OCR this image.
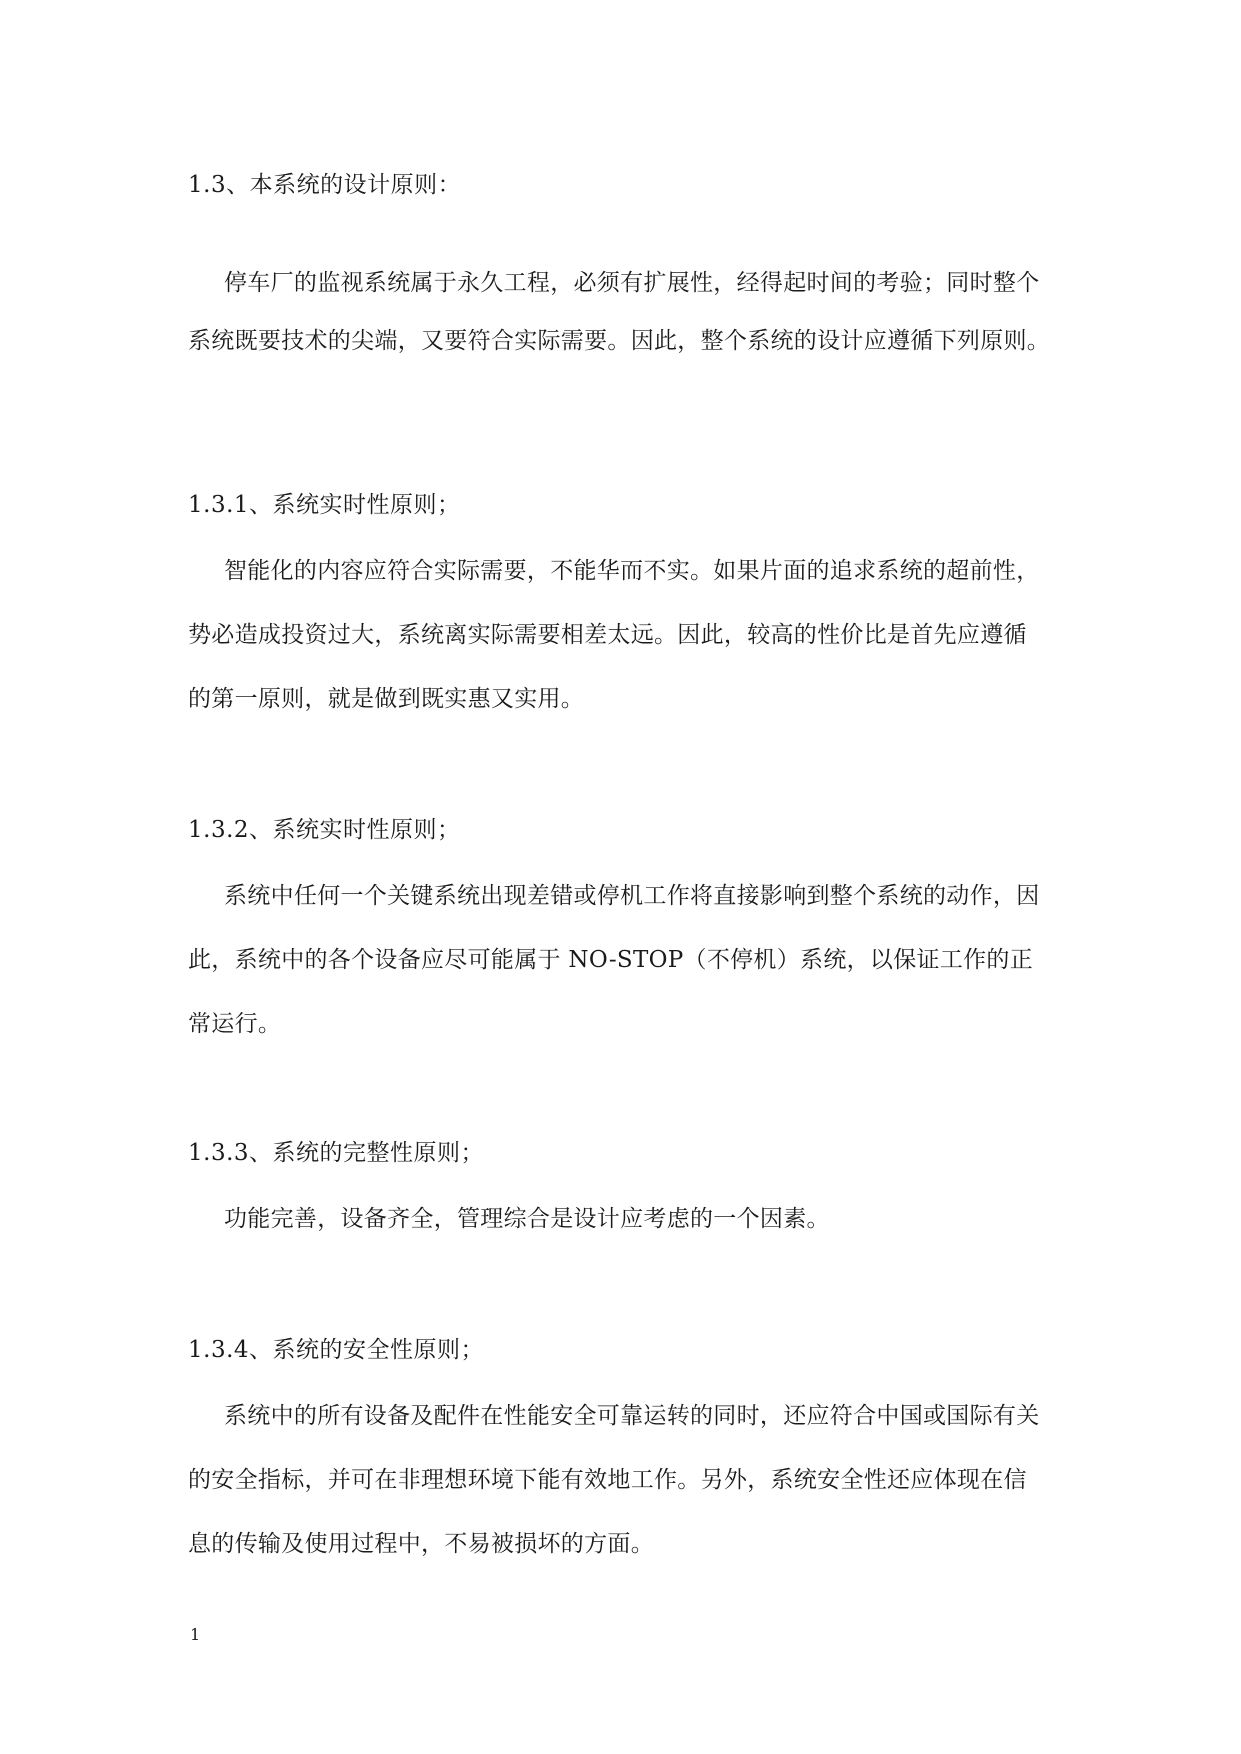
1.3、本系统的设计原则：
停车厂的监视系统属于永久工程，必须有扩展性，经得起时间的考验；同时整个
系统既要技术的尖端，又要符合实际需要。因此，整个系统的设计应遵循下列原则。
1.3.1、系统实时性原则；
智能化的内容应符合实际需要，不能华而不实。如果片面的追求系统的超前性，
势必造成投资过大，系统离实际需要相差太远。因此，较高的性价比是首先应遵循
的第一原则，就是做到既实惠又实用。
1.3.2、系统实时性原则；
系统中任何一个关键系统出现差错或停机工作将直接影响到整个系统的动作，因
此，系统中的各个设备应尽可能属于 NO-STOP（不停机）系统，以保证工作的正
常运行。
1.3.3、系统的完整性原则；
功能完善，设备齐全，管理综合是设计应考虑的一个因素。
1.3.4、系统的安全性原则；
系统中的所有设备及配件在性能安全可靠运转的同时，还应符合中国或国际有关
的安全指标，并可在非理想环境下能有效地工作。另外，系统安全性还应体现在信
息的传输及使用过程中，不易被损坏的方面。
1
